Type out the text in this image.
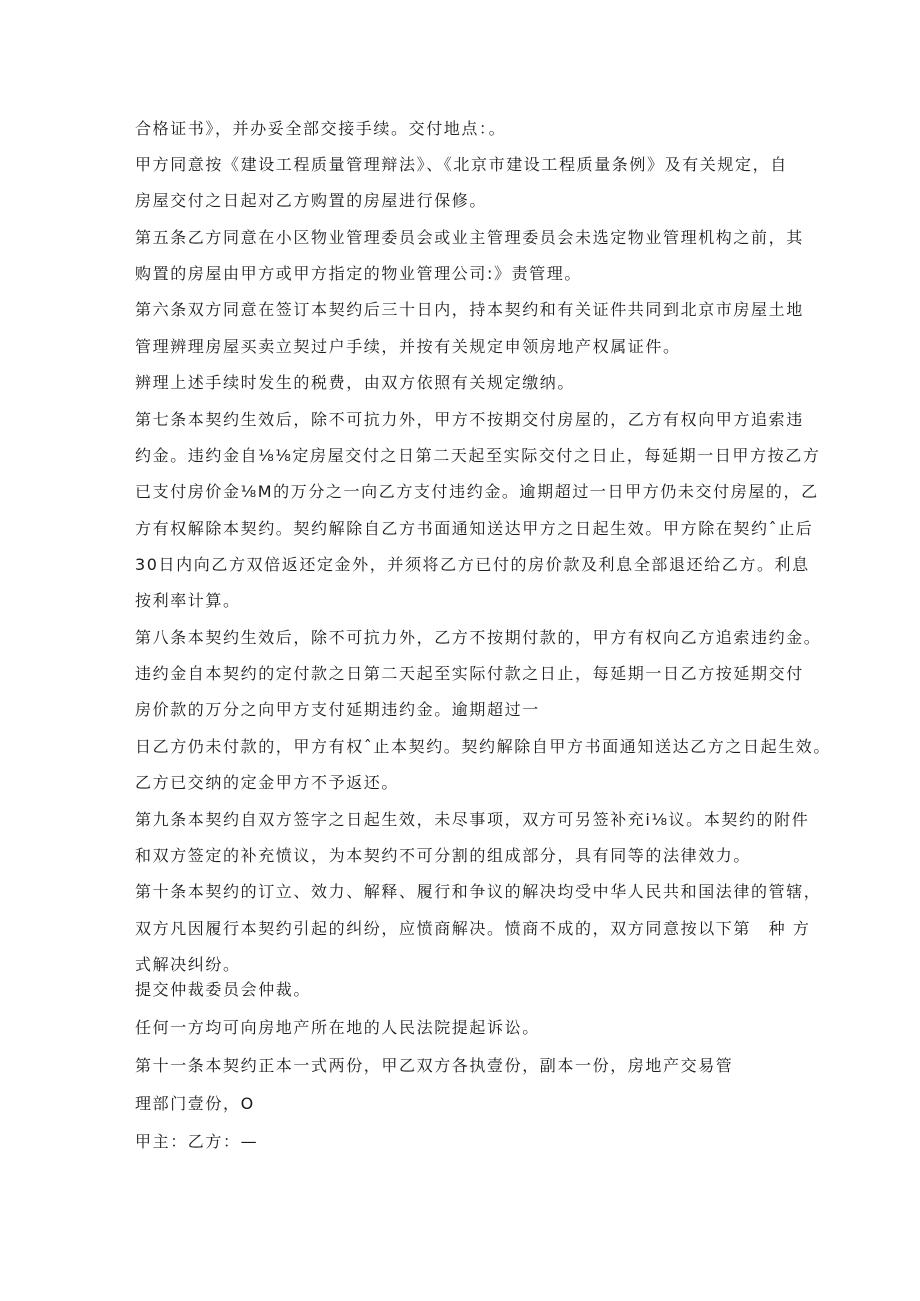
合格证书》，并办妥全部交接手续。交付地点：。

甲方同意按《建设工程质量管理辩法》、《北京市建设工程质量条例》及有关规定，自

房屋交付之日起对乙方购置的房屋进行保修。

第五条乙方同意在小区物业管理委员会或业主管理委员会未选定物业管理机构之前，其

购置的房屋由甲方或甲方指定的物业管理公司:》责管理。

第六条双方同意在签订本契约后三十日内，持本契约和有关证件共同到北京市房屋土地

管理辨理房屋买卖立契过户手续，并按有关规定申领房地产权属证件。

辨理上述手续时发生的税费，由双方依照有关规定缴纳。

第七条本契约生效后，除不可抗力外，甲方不按期交付房屋的，乙方有权向甲方追索违

约金。违约金自⅛⅛定房屋交付之日第二天起至实际交付之日止，每延期一日甲方按乙方

已支付房价金⅛M的万分之一向乙方支付违约金。逾期超过一日甲方仍未交付房屋的，乙

方有权解除本契约。契约解除自乙方书面通知送达甲方之日起生效。甲方除在契约ˆ止后

30日内向乙方双倍返还定金外，并须将乙方已付的房价款及利息全部退还给乙方。利息

按利率计算。

第八条本契约生效后，除不可抗力外，乙方不按期付款的，甲方有权向乙方追索违约金。

违约金自本契约的定付款之日第二天起至实际付款之日止，每延期一日乙方按延期交付

房价款的万分之向甲方支付延期违约金。逾期超过一

日乙方仍未付款的，甲方有权ˆ止本契约。契约解除自甲方书面通知送达乙方之日起生效。

乙方已交纳的定金甲方不予返还。

第九条本契约自双方签字之日起生效，未尽事项，双方可另签补充i⅛议。本契约的附件

和双方签定的补充愤议，为本契约不可分割的组成部分，具有同等的法律效力。

第十条本契约的订立、效力、解释、履行和争议的解决均受中华人民共和国法律的管辖，

双方凡因履行本契约引起的纠纷，应愤商解决。愤商不成的，双方同意按以下第　种 方

式解决纠纷。

提交仲裁委员会仲裁。

任何一方均可向房地产所在地的人民法院提起诉讼。

第十一条本契约正本一式两份，甲乙双方各执壹份，副本一份，房地产交易管

理部门壹份，O

甲主：乙方：—
